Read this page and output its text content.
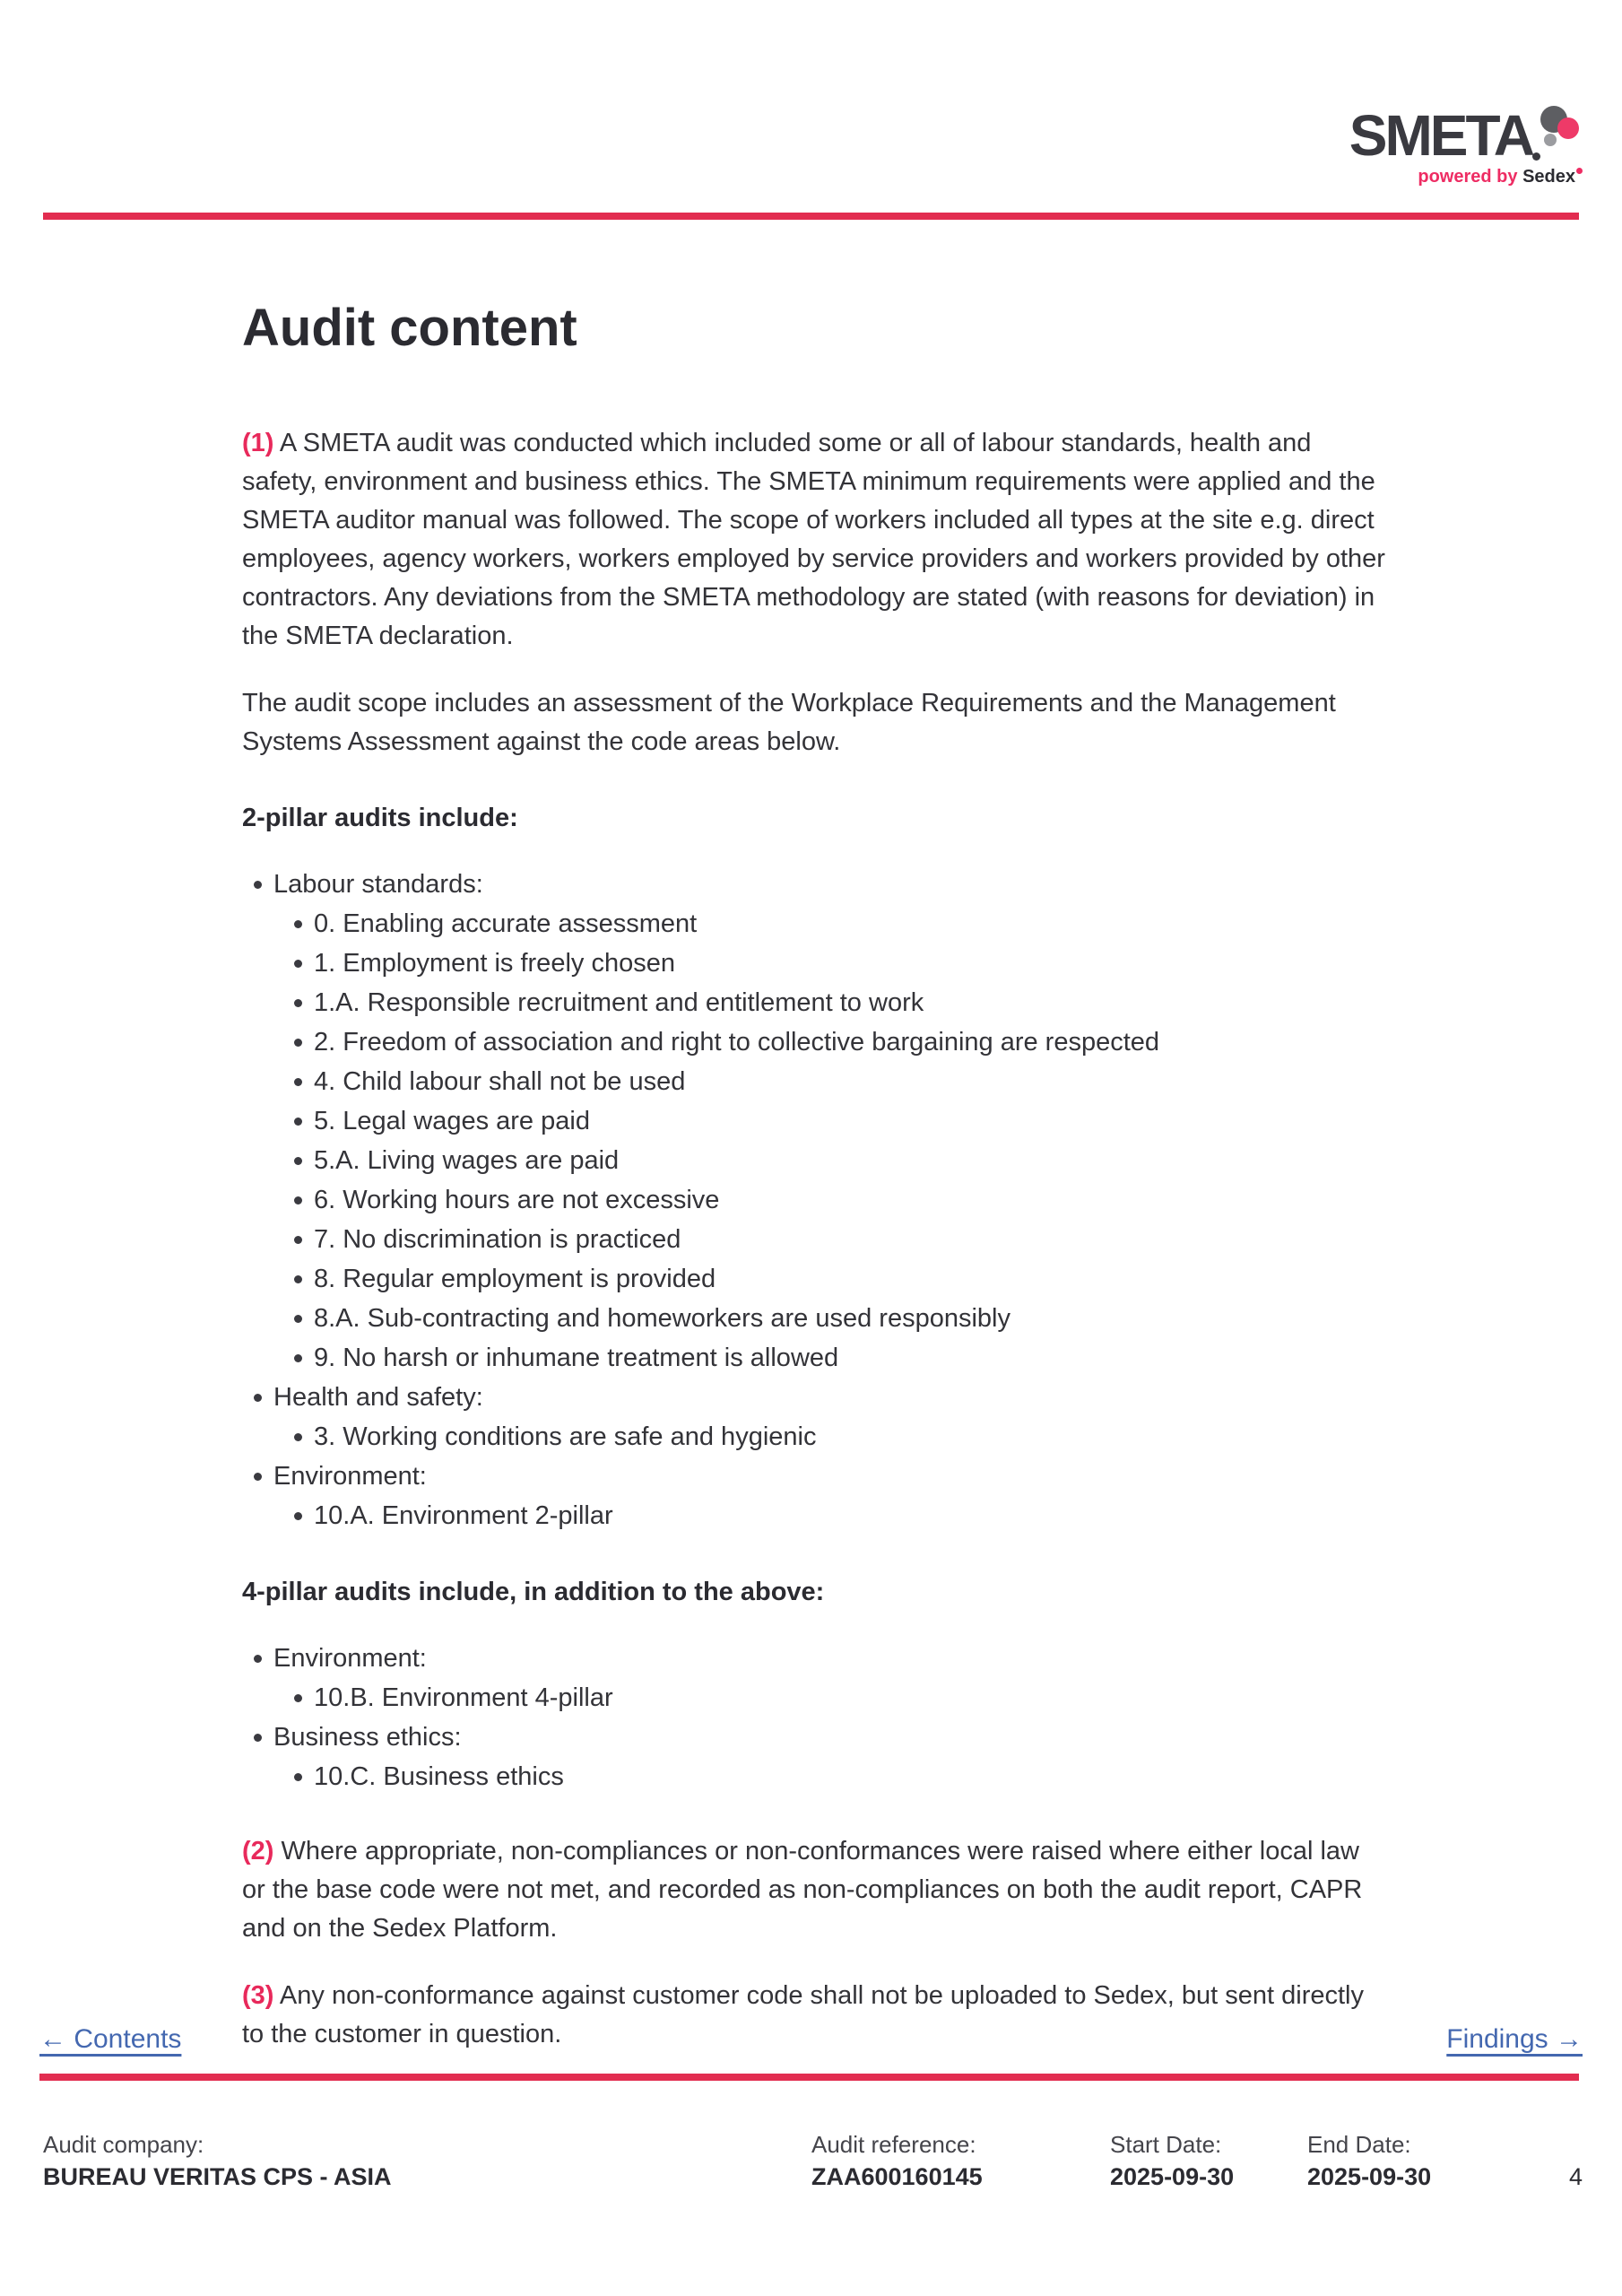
SMETA
powered by Sedex
Audit content

(1) A SMETA audit was conducted which included some or all of labour standards, health and safety, environment and business ethics. The SMETA minimum requirements were applied and the SMETA auditor manual was followed. The scope of workers included all types at the site e.g. direct employees, agency workers, workers employed by service providers and workers provided by other contractors. Any deviations from the SMETA methodology are stated (with reasons for deviation) in the SMETA declaration.

The audit scope includes an assessment of the Workplace Requirements and the Management Systems Assessment against the code areas below.

2-pillar audits include:
Labour standards:
0. Enabling accurate assessment
1. Employment is freely chosen
1.A. Responsible recruitment and entitlement to work
2. Freedom of association and right to collective bargaining are respected
4. Child labour shall not be used
5. Legal wages are paid
5.A. Living wages are paid
6. Working hours are not excessive
7. No discrimination is practiced
8. Regular employment is provided
8.A. Sub-contracting and homeworkers are used responsibly
9. No harsh or inhumane treatment is allowed
Health and safety:
3. Working conditions are safe and hygienic
Environment:
10.A. Environment 2-pillar
4-pillar audits include, in addition to the above:
Environment:
10.B. Environment 4-pillar
Business ethics:
10.C. Business ethics

(2) Where appropriate, non-compliances or non-conformances were raised where either local law or the base code were not met, and recorded as non-compliances on both the audit report, CAPR and on the Sedex Platform.

(3) Any non-conformance against customer code shall not be uploaded to Sedex, but sent directly to the customer in question.

← Contents	Findings →
Audit company:
BUREAU VERITAS CPS - ASIA
Audit reference:
ZAA600160145
Start Date:
2025-09-30
End Date:
2025-09-30	4
